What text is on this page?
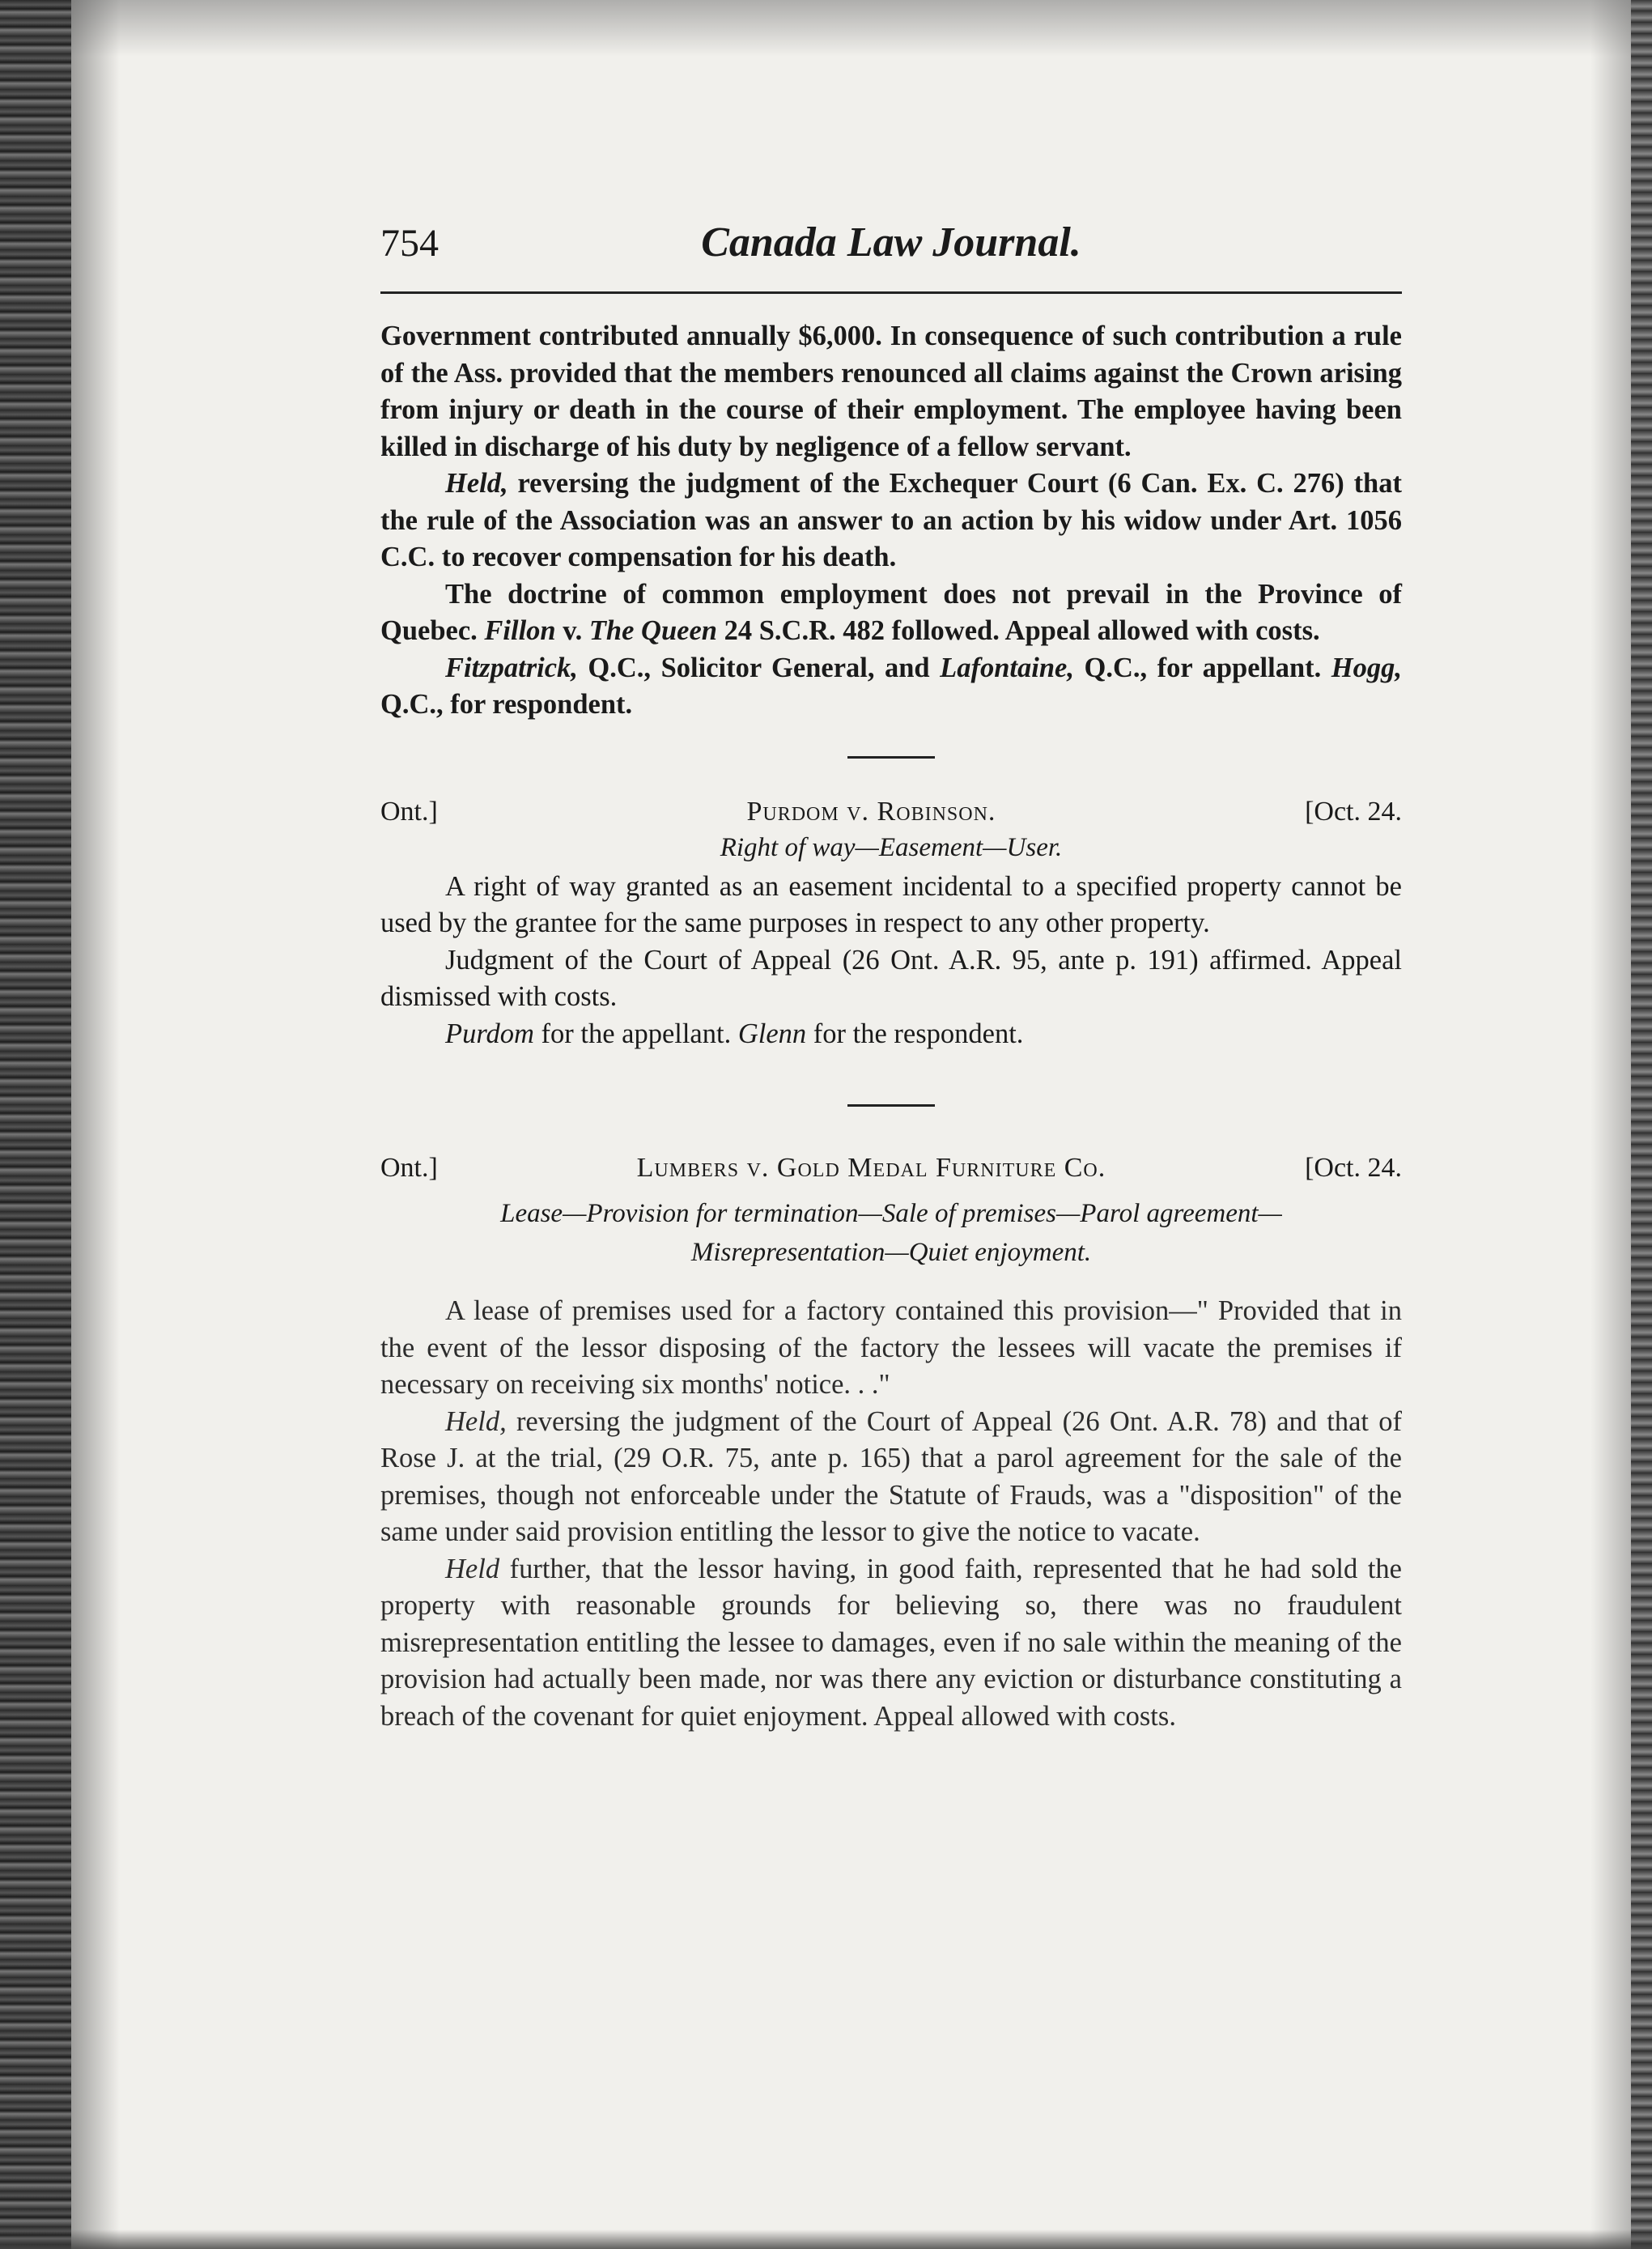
754	Canada Law Journal.

Government contributed annually $6,000. In consequence of such contribution a rule of the Ass. provided that the members renounced all claims against the Crown arising from injury or death in the course of their employment. The employee having been killed in discharge of his duty by negligence of a fellow servant.

Held, reversing the judgment of the Exchequer Court (6 Can. Ex. C. 276) that the rule of the Association was an answer to an action by his widow under Art. 1056 C.C. to recover compensation for his death.

The doctrine of common employment does not prevail in the Province of Quebec. Fillon v. The Queen 24 S.C.R. 482 followed. Appeal allowed with costs.

Fitzpatrick, Q.C., Solicitor General, and Lafontaine, Q.C., for appellant. Hogg, Q.C., for respondent.

Ont.]	Purdom v. Robinson.	[Oct. 24.
Right of way—Easement—User.

A right of way granted as an easement incidental to a specified property cannot be used by the grantee for the same purposes in respect to any other property.

Judgment of the Court of Appeal (26 Ont. A.R. 95, ante p. 191) affirmed. Appeal dismissed with costs.

Purdom for the appellant. Glenn for the respondent.

Ont.]	Lumbers v. Gold Medal Furniture Co.	[Oct. 24.
Lease—Provision for termination—Sale of premises—Parol agreement—
Misrepresentation—Quiet enjoyment.

A lease of premises used for a factory contained this provision—" Provided that in the event of the lessor disposing of the factory the lessees will vacate the premises if necessary on receiving six months' notice. . ."

Held, reversing the judgment of the Court of Appeal (26 Ont. A.R. 78) and that of Rose J. at the trial, (29 O.R. 75, ante p. 165) that a parol agreement for the sale of the premises, though not enforceable under the Statute of Frauds, was a "disposition" of the same under said provision entitling the lessor to give the notice to vacate.

Held further, that the lessor having, in good faith, represented that he had sold the property with reasonable grounds for believing so, there was no fraudulent misrepresentation entitling the lessee to damages, even if no sale within the meaning of the provision had actually been made, nor was there any eviction or disturbance constituting a breach of the covenant for quiet enjoyment. Appeal allowed with costs.
